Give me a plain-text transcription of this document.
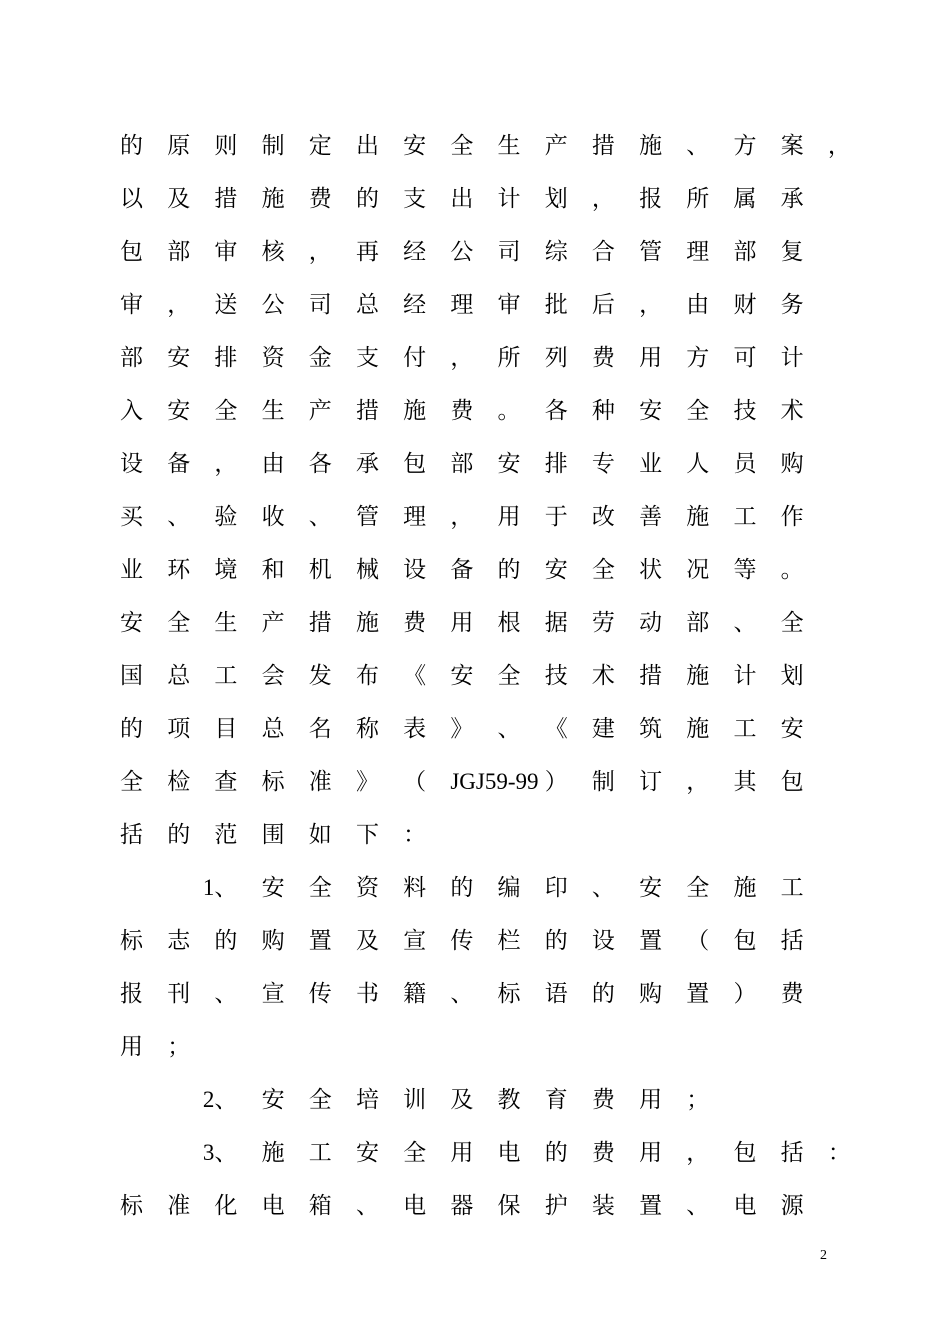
的 原 则 制 定 出 安 全 生 产 措 施 、 方 案 ，
以 及 措 施 费 的 支 出 计 划 ， 报 所 属 承
包 部 审 核 ， 再 经 公 司 综 合 管 理 部 复
审 ， 送 公 司 总 经 理 审 批 后 ， 由 财 务
部 安 排 资 金 支 付 ， 所 列 费 用 方 可 计
入 安 全 生 产 措 施 费 。 各 种 安 全 技 术
设 备 ， 由 各 承 包 部 安 排 专 业 人 员 购
买 、 验 收 、 管 理 ， 用 于 改 善 施 工 作
业 环 境 和 机 械 设 备 的 安 全 状 况 等 。
安 全 生 产 措 施 费 用 根 据 劳 动 部 、 全
国 总 工 会 发 布 《 安 全 技 术 措 施 计 划
的 项 目 总 名 称 表 》 、 《 建 筑 施 工 安
全 检 查 标 准 》 （ JGJ59-99 ） 制 订 ， 其 包
括 的 范 围 如 下 ：
　1、 安 全 资 料 的 编 印 、 安 全 施 工
标 志 的 购 置 及 宣 传 栏 的 设 置 （ 包 括
报 刊 、 宣 传 书 籍 、 标 语 的 购 置 ） 费
用 ；
　2、 安 全 培 训 及 教 育 费 用 ；
　3、 施 工 安 全 用 电 的 费 用 ， 包 括 ：
标 准 化 电 箱 、 电 器 保 护 装 置 、 电 源
2
